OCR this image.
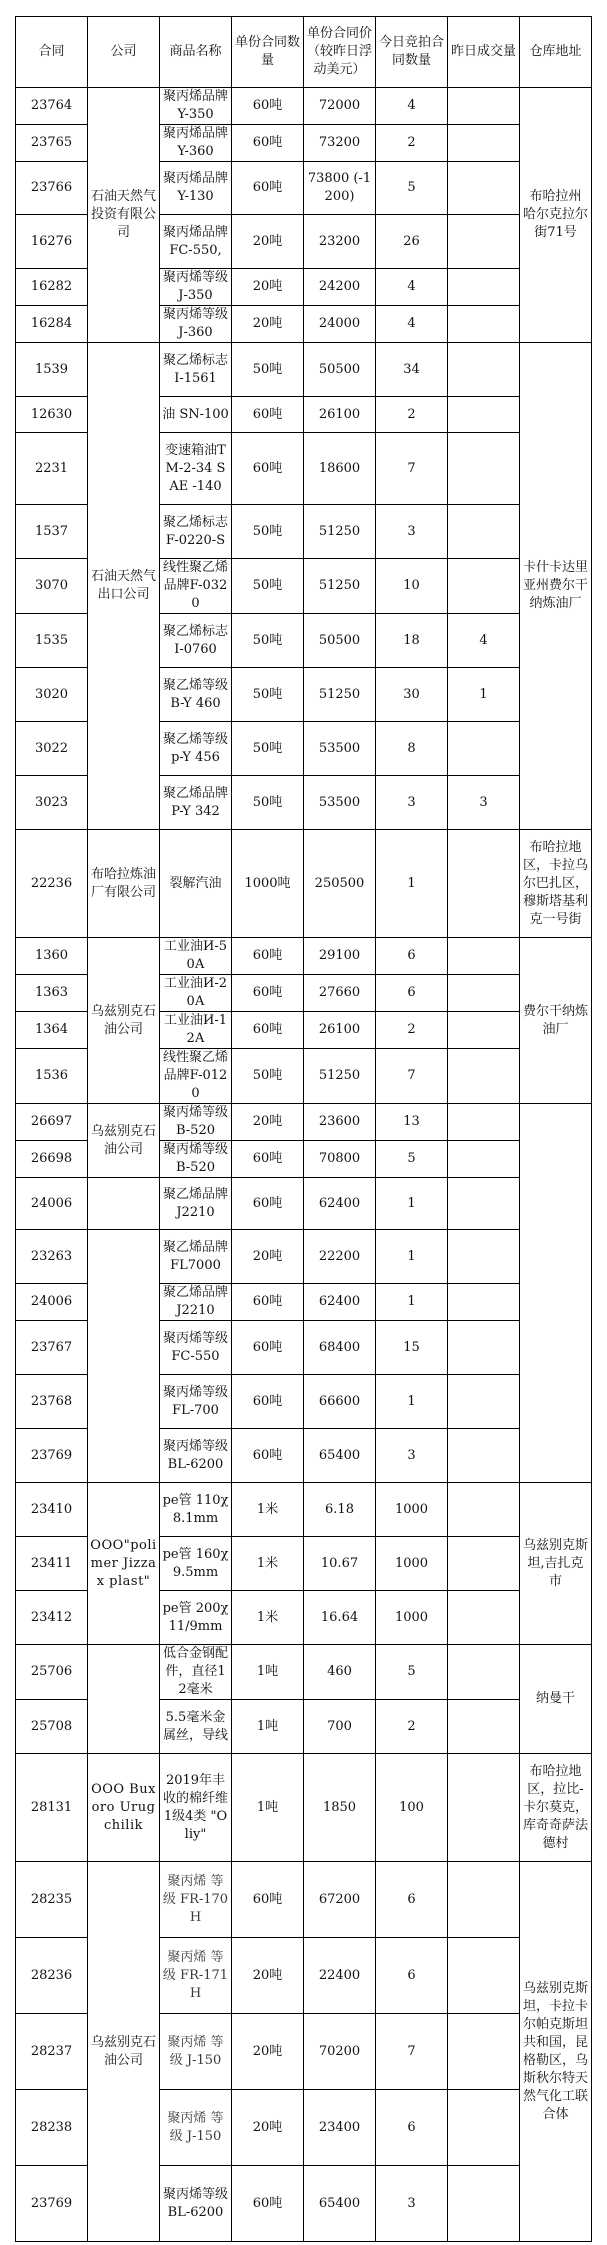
合同	公司	商品名称	单份合同数量	单份合同价（较昨日浮动美元）	今日竞拍合同数量	昨日成交量	仓库地址
23764	石油天然气投资有限公司	聚丙烯品牌Y-350	60吨	72000	4		布哈拉州 哈尔克拉尔街71号
23765		聚丙烯品牌Y-360	60吨	73200	2		
23766		聚丙烯品牌Y-130	60吨	73800 (-1200)	5		
16276		聚丙烯品牌FC-550,	20吨	23200	26		
16282		聚丙烯等级J-350	20吨	24200	4		
16284		聚丙烯等级J-360	20吨	24000	4		
1539	石油天然气出口公司	聚乙烯标志I-1561	50吨	50500	34		卡什卡达里亚州费尔干纳炼油厂
12630		油 SN-100	60吨	26100	2		
2231		变速箱油TM-2-34 SAE -140	60吨	18600	7		
1537		聚乙烯标志 F-0220-S	50吨	51250	3		
3070		线性聚乙烯品牌F-0320	50吨	51250	10		
1535		聚乙烯标志I-0760	50吨	50500	18	4	
3020		聚乙烯等级B-Y 460	50吨	51250	30	1	
3022		聚乙烯等级p-Y 456	50吨	53500	8		
3023		聚乙烯品牌P-Y 342	50吨	53500	3	3	
22236	布哈拉炼油厂有限公司	裂解汽油	1000吨	250500	1		布哈拉地区，卡拉乌尔巴扎区，穆斯塔基利克一号街
1360	乌兹别克石油公司	工业油И-50А	60吨	29100	6		费尔干纳炼油厂
1363		工业油И-20А	60吨	27660	6		
1364		工业油И-12А	60吨	26100	2		
1536		线性聚乙烯品牌F-0120	50吨	51250	7		
26697	乌兹别克石油公司	聚丙烯等级B-520	20吨	23600	13		
26698		聚丙烯等级B-520	60吨	70800	5		
24006		聚乙烯品牌J2210	60吨	62400	1		
23263		聚乙烯品牌 FL7000	20吨	22200	1		
24006		聚乙烯品牌J2210	60吨	62400	1		
23767		聚丙烯等级FC-550	60吨	68400	15		
23768		聚丙烯等级FL-700	60吨	66600	1		
23769		聚丙烯等级BL-6200	60吨	65400	3		
23410	OOO"polimer Jizzax plast"	pe管 110χ 8.1mm	1米	6.18	1000		乌兹别克斯坦,吉扎克市
23411		pe管 160χ 9.5mm	1米	10.67	1000		
23412		pe管 200χ 11/9mm	1米	16.64	1000		
25706		低合金钢配件，直径12毫米	1吨	460	5		纳曼干
25708		5.5毫米金属丝，导线	1吨	700	2		
28131	OOO Buxoro Urugchilik	2019年丰收的棉纤维1级4类 "Oliy"	1吨	1850	100		布哈拉地区，拉比-卡尔莫克，库奇奇萨法德村
28235	乌兹别克石油公司	聚丙烯 等级 FR-170 H	60吨	67200	6		乌兹别克斯坦，卡拉卡尔帕克斯坦共和国，昆格勒区，乌斯秋尔特天然气化工联合体
28236		聚丙烯 等级 FR-171 H	20吨	22400	6		
28237		聚丙烯 等级 J-150	20吨	70200	7		
28238		聚丙烯 等级 J-150	20吨	23400	6		
23769		聚丙烯等级BL-6200	60吨	65400	3		
